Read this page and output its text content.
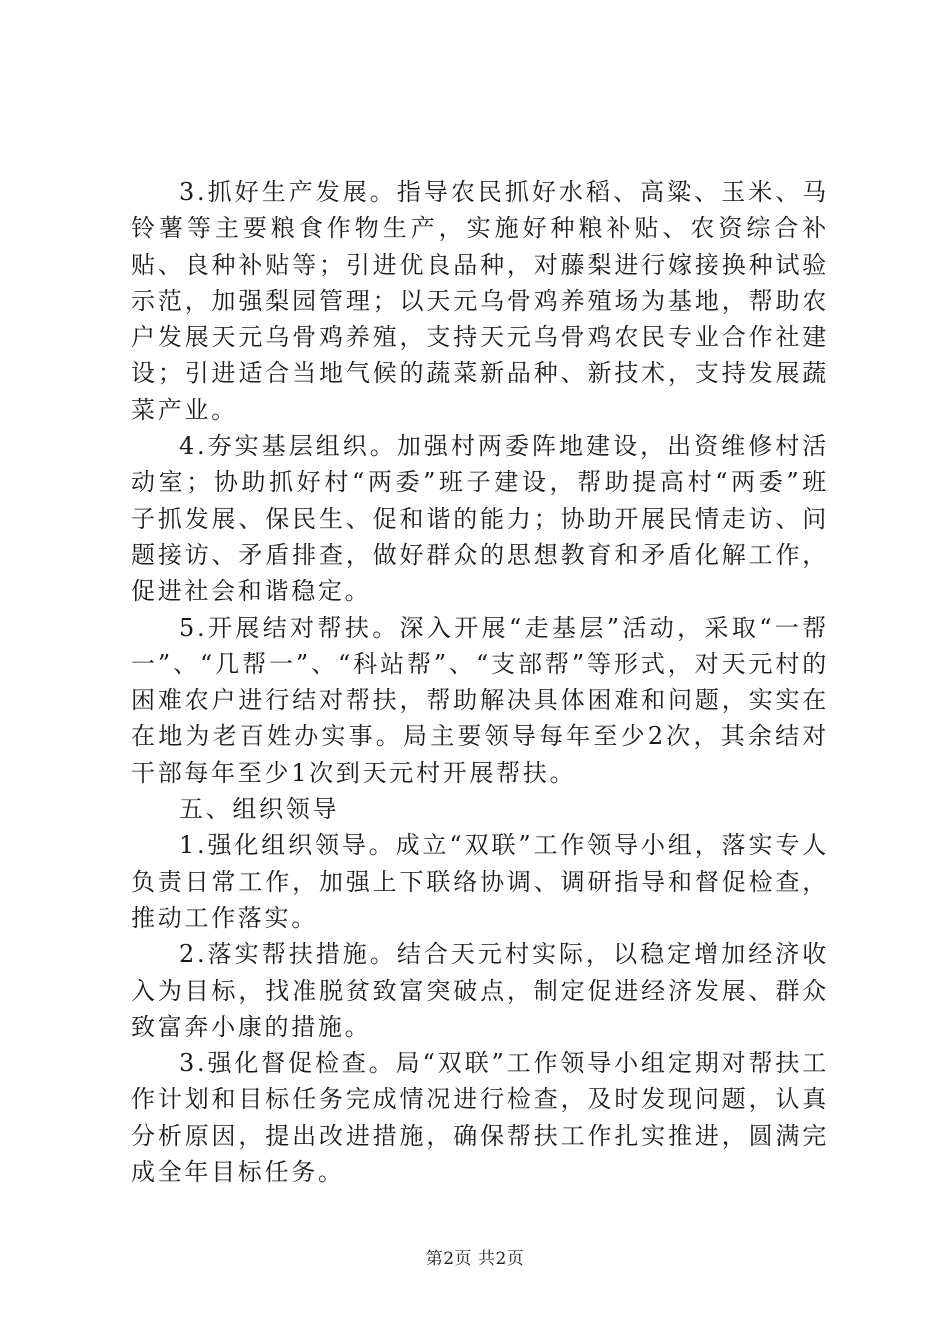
3.抓好生产发展。指导农民抓好水稻、高粱、玉米、马铃薯等主要粮食作物生产，实施好种粮补贴、农资综合补贴、良种补贴等；引进优良品种，对藤梨进行嫁接换种试验示范，加强梨园管理；以天元乌骨鸡养殖场为基地，帮助农户发展天元乌骨鸡养殖，支持天元乌骨鸡农民专业合作社建设；引进适合当地气候的蔬菜新品种、新技术，支持发展蔬菜产业。

4.夯实基层组织。加强村两委阵地建设，出资维修村活动室；协助抓好村“两委”班子建设，帮助提高村“两委”班子抓发展、保民生、促和谐的能力；协助开展民情走访、问题接访、矛盾排查，做好群众的思想教育和矛盾化解工作，促进社会和谐稳定。

5.开展结对帮扶。深入开展“走基层”活动，采取“一帮一”、“几帮一”、“科站帮”、“支部帮”等形式，对天元村的困难农户进行结对帮扶，帮助解决具体困难和问题，实实在在地为老百姓办实事。局主要领导每年至少2次，其余结对干部每年至少1次到天元村开展帮扶。

五、组织领导

1.强化组织领导。成立“双联”工作领导小组，落实专人负责日常工作，加强上下联络协调、调研指导和督促检查，推动工作落实。

2.落实帮扶措施。结合天元村实际，以稳定增加经济收入为目标，找准脱贫致富突破点，制定促进经济发展、群众致富奔小康的措施。

3.强化督促检查。局“双联”工作领导小组定期对帮扶工作计划和目标任务完成情况进行检查，及时发现问题，认真分析原因，提出改进措施，确保帮扶工作扎实推进，圆满完成全年目标任务。

第2页 共2页
